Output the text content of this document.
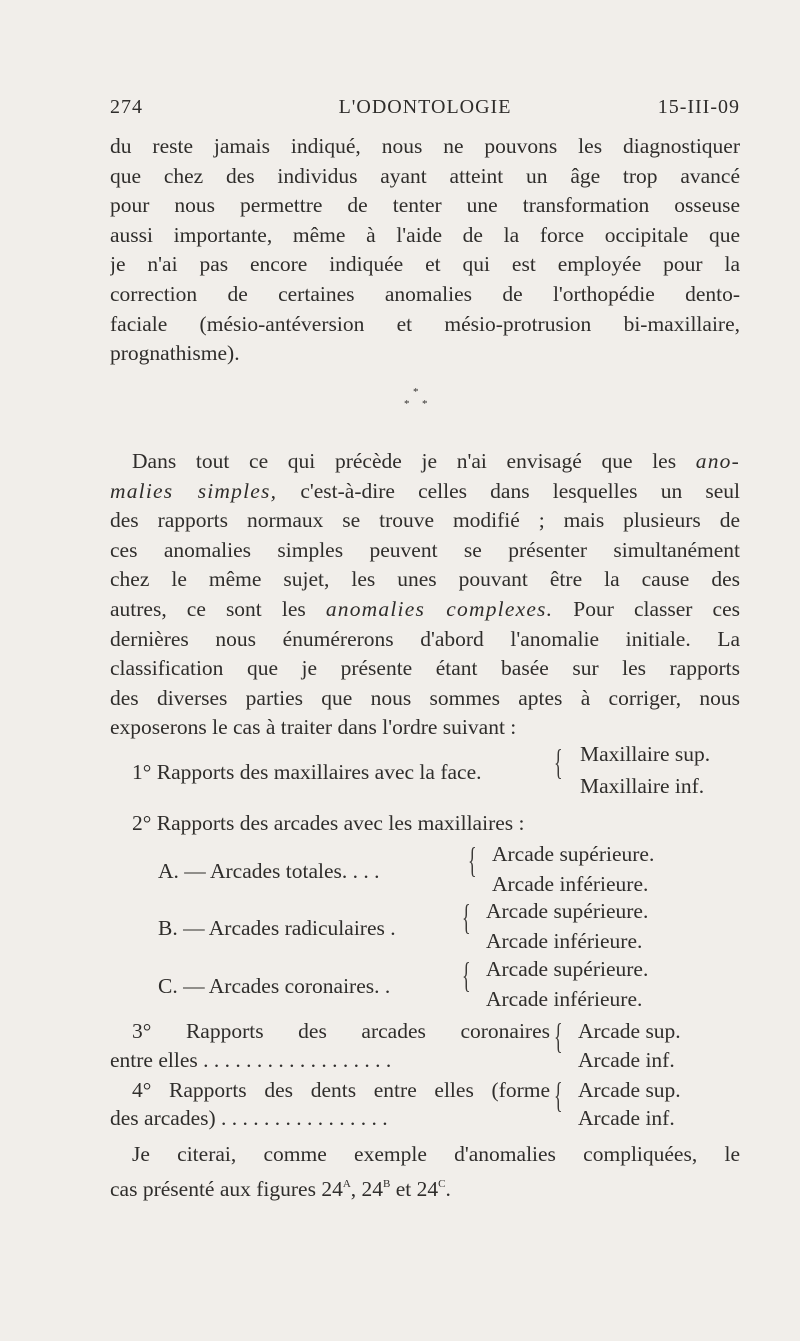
274	L'ODONTOLOGIE	15-III-09
du reste jamais indiqué, nous ne pouvons les diagnostiquer
que chez des individus ayant atteint un âge trop avancé
pour nous permettre de tenter une transformation osseuse
aussi importante, même à l'aide de la force occipitale que
je n'ai pas encore indiquée et qui est employée pour la
correction de certaines anomalies de l'orthopédie dento-
faciale (mésio-antéversion et mésio-protrusion bi-maxillaire,
prognathisme).
*
* *
Dans tout ce qui précède je n'ai envisagé que les ano-
malies simples, c'est-à-dire celles dans lesquelles un seul
des rapports normaux se trouve modifié ; mais plusieurs de
ces anomalies simples peuvent se présenter simultanément
chez le même sujet, les unes pouvant être la cause des
autres, ce sont les anomalies complexes. Pour classer ces
dernières nous énumérerons d'abord l'anomalie initiale. La
classification que je présente étant basée sur les rapports
des diverses parties que nous sommes aptes à corriger, nous
exposerons le cas à traiter dans l'ordre suivant :
1° Rapports des maxillaires avec la face. { Maxillaire sup.
Maxillaire inf.
2° Rapports des arcades avec les maxillaires :
A. — Arcades totales. . . . { Arcade supérieure.
Arcade inférieure.
B. — Arcades radiculaires . { Arcade supérieure.
Arcade inférieure.
C. — Arcades coronaires. . { Arcade supérieure.
Arcade inférieure.
3° Rapports des arcades coronaires
entre elles . . . . . . . . . . . . . . . . . .
{ Arcade sup.
Arcade inf.
4° Rapports des dents entre elles (forme
des arcades) . . . . . . . . . . . . . . . .
{ Arcade sup.
Arcade inf.
Je citerai, comme exemple d'anomalies compliquées, le
cas présenté aux figures $24^A$, $24^B$ et $24^C$.
